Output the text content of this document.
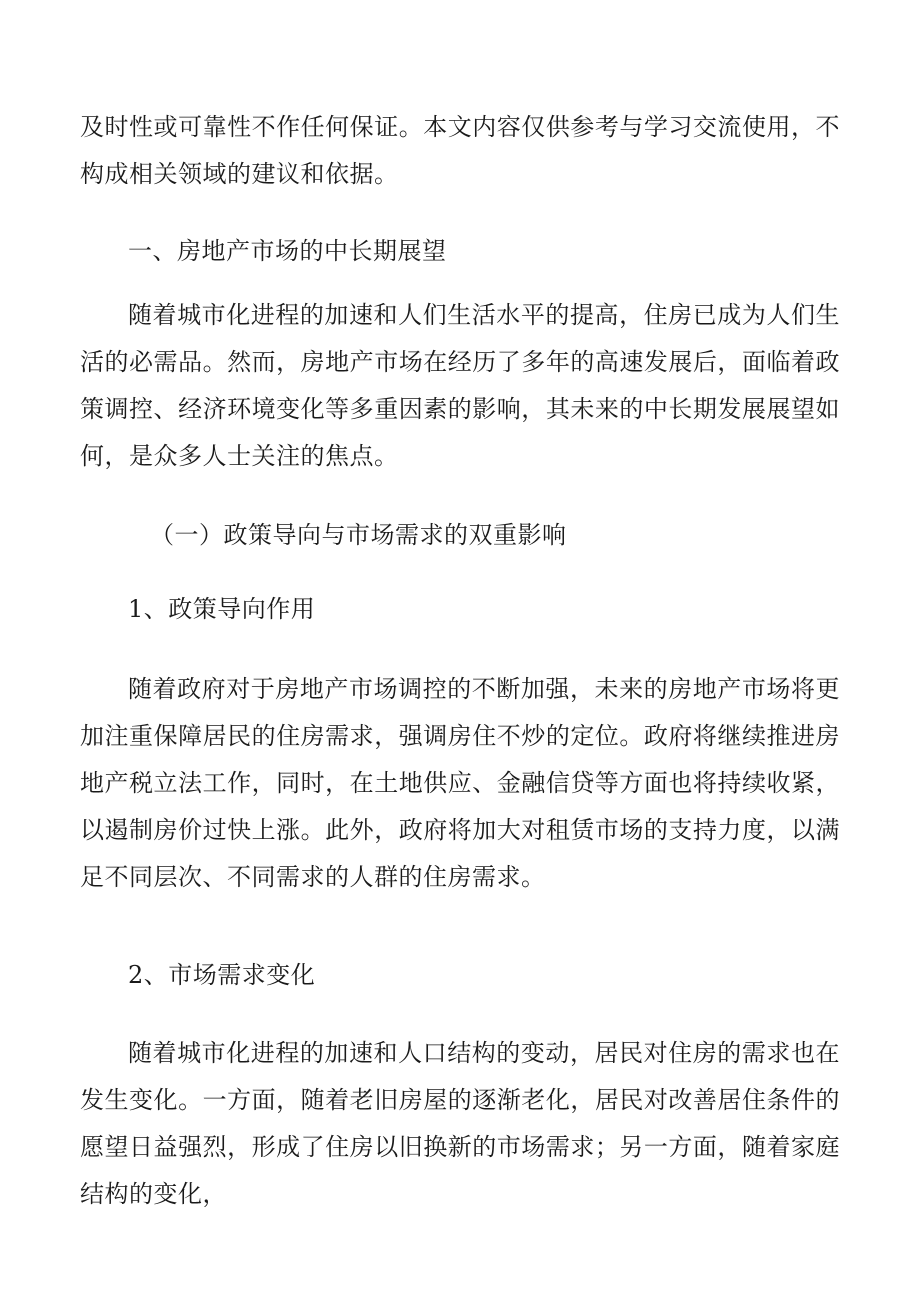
及时性或可靠性不作任何保证。本文内容仅供参考与学习交流使用，不构成相关领域的建议和依据。

一、房地产市场的中长期展望

随着城市化进程的加速和人们生活水平的提高，住房已成为人们生活的必需品。然而，房地产市场在经历了多年的高速发展后，面临着政策调控、经济环境变化等多重因素的影响，其未来的中长期发展展望如何，是众多人士关注的焦点。

（一）政策导向与市场需求的双重影响

1、政策导向作用

随着政府对于房地产市场调控的不断加强，未来的房地产市场将更加注重保障居民的住房需求，强调房住不炒的定位。政府将继续推进房地产税立法工作，同时，在土地供应、金融信贷等方面也将持续收紧，以遏制房价过快上涨。此外，政府将加大对租赁市场的支持力度，以满足不同层次、不同需求的人群的住房需求。

2、市场需求变化

随着城市化进程的加速和人口结构的变动，居民对住房的需求也在发生变化。一方面，随着老旧房屋的逐渐老化，居民对改善居住条件的愿望日益强烈，形成了住房以旧换新的市场需求；另一方面，随着家庭结构的变化，
